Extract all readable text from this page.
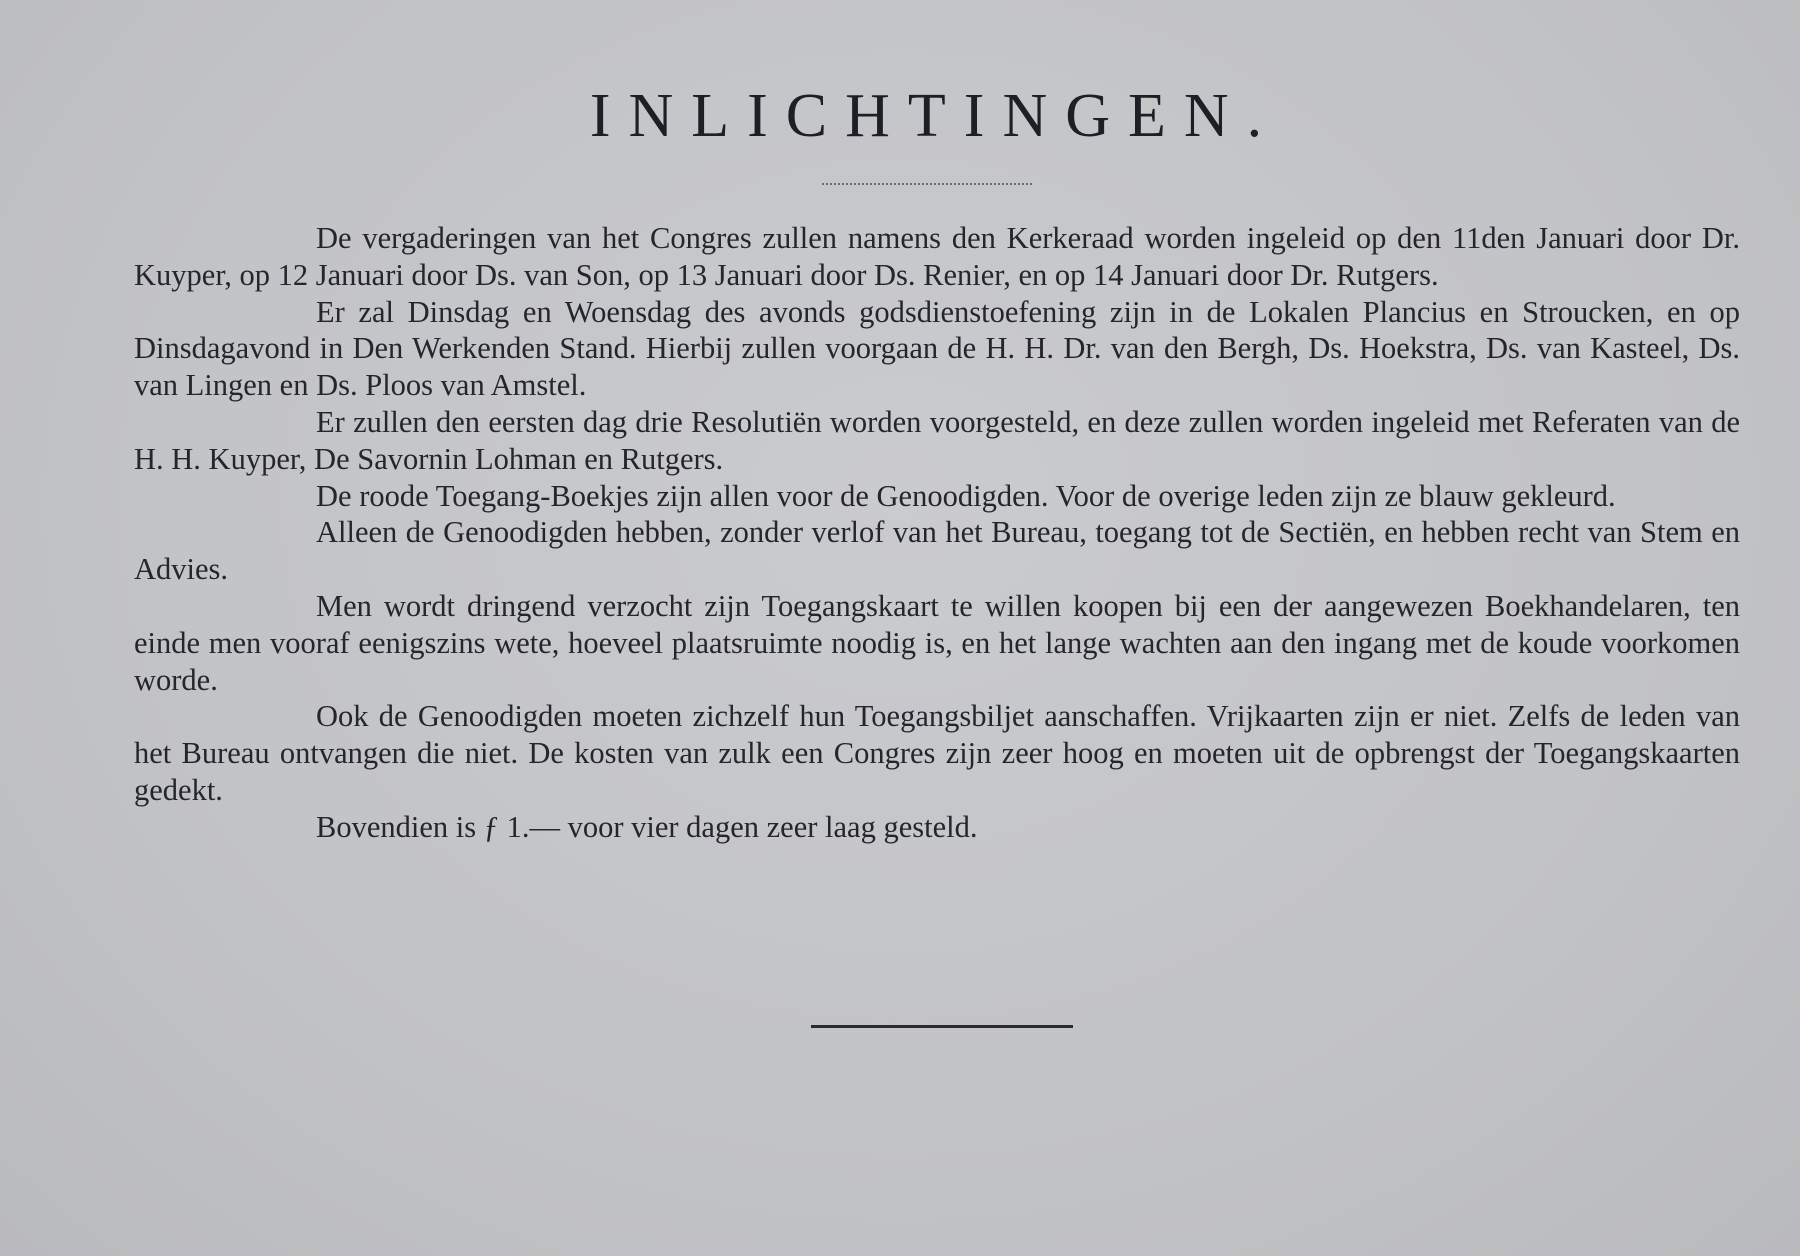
INLICHTINGEN.

De vergaderingen van het Congres zullen namens den Kerkeraad worden ingeleid op den 11den Januari door Dr. Kuyper, op 12 Januari door Ds. van Son, op 13 Januari door Ds. Renier, en op 14 Januari door Dr. Rutgers.

Er zal Dinsdag en Woensdag des avonds godsdienstoefening zijn in de Lokalen Plancius en Stroucken, en op Dinsdagavond in Den Werkenden Stand. Hierbij zullen voorgaan de H. H. Dr. van den Bergh, Ds. Hoekstra, Ds. van Kasteel, Ds. van Lingen en Ds. Ploos van Amstel.

Er zullen den eersten dag drie Resolutiën worden voorgesteld, en deze zullen worden ingeleid met Referaten van de H. H. Kuyper, De Savornin Lohman en Rutgers.

De roode Toegang-Boekjes zijn allen voor de Genoodigden. Voor de overige leden zijn ze blauw gekleurd.

Alleen de Genoodigden hebben, zonder verlof van het Bureau, toegang tot de Sectiën, en hebben recht van Stem en Advies.

Men wordt dringend verzocht zijn Toegangskaart te willen koopen bij een der aangewezen Boekhandelaren, ten einde men vooraf eenigszins wete, hoeveel plaatsruimte noodig is, en het lange wachten aan den ingang met de koude voorkomen worde.

Ook de Genoodigden moeten zichzelf hun Toegangsbiljet aanschaffen. Vrijkaarten zijn er niet. Zelfs de leden van het Bureau ontvangen die niet. De kosten van zulk een Congres zijn zeer hoog en moeten uit de opbrengst der Toegangskaarten gedekt.

Bovendien is ƒ 1.— voor vier dagen zeer laag gesteld.
